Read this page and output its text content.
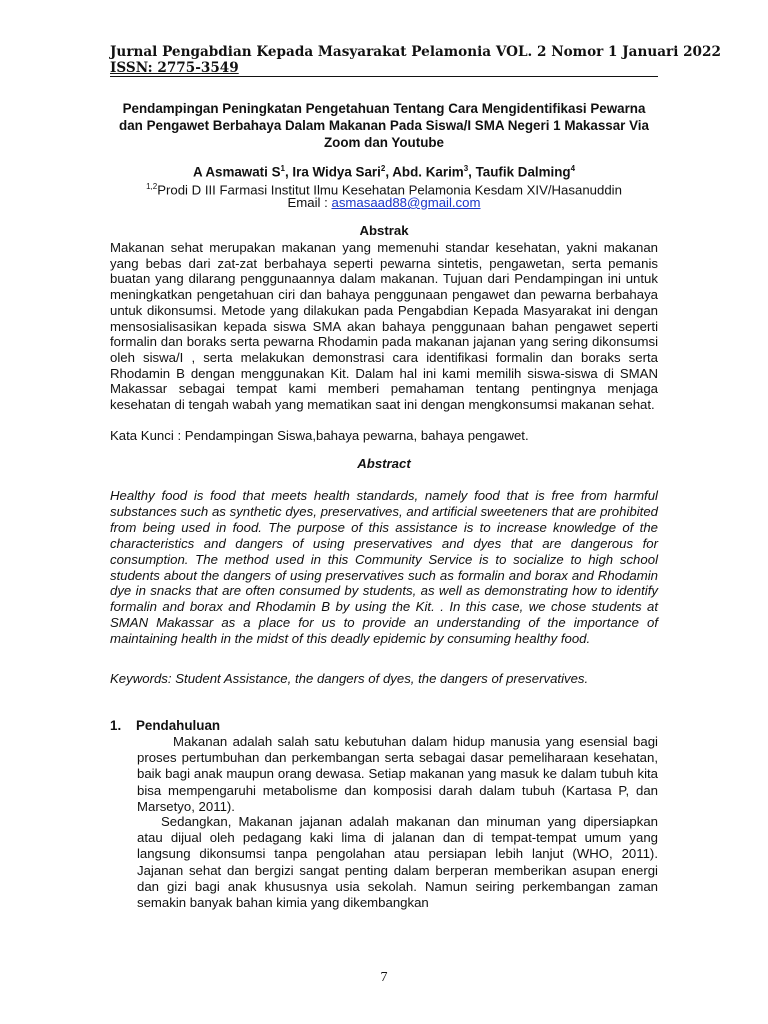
Jurnal Pengabdian Kepada Masyarakat Pelamonia VOL. 2 Nomor 1 Januari 2022
ISSN: 2775-3549
Pendampingan Peningkatan Pengetahuan Tentang Cara Mengidentifikasi Pewarna dan Pengawet Berbahaya Dalam Makanan Pada Siswa/I SMA Negeri 1 Makassar Via Zoom dan Youtube
A Asmawati $S^1$, Ira Widya Sari$^2$, Abd. Karim$^3$, Taufik Dalming$^4$
$^{1,2}$Prodi D III Farmasi Institut Ilmu Kesehatan Pelamonia Kesdam XIV/Hasanuddin
Email : asmasaad88@gmail.com
Abstrak
Makanan sehat merupakan makanan yang memenuhi standar kesehatan, yakni makanan yang bebas dari zat-zat berbahaya seperti pewarna sintetis, pengawetan, serta pemanis buatan yang dilarang penggunaannya dalam makanan. Tujuan dari Pendampingan ini untuk meningkatkan pengetahuan ciri dan bahaya penggunaan pengawet dan pewarna berbahaya untuk dikonsumsi. Metode yang dilakukan pada Pengabdian Kepada Masyarakat ini dengan mensosialisasikan kepada siswa SMA akan bahaya penggunaan bahan pengawet seperti formalin dan boraks serta pewarna Rhodamin pada makanan jajanan yang sering dikonsumsi oleh siswa/I , serta melakukan demonstrasi cara identifikasi formalin dan boraks serta Rhodamin B dengan menggunakan Kit. Dalam hal ini kami memilih siswa-siswa di SMAN Makassar sebagai tempat kami memberi pemahaman tentang pentingnya menjaga kesehatan di tengah wabah yang mematikan saat ini dengan mengkonsumsi makanan sehat.
Kata Kunci : Pendampingan Siswa,bahaya pewarna, bahaya pengawet.
Abstract
Healthy food is food that meets health standards, namely food that is free from harmful substances such as synthetic dyes, preservatives, and artificial sweeteners that are prohibited from being used in food. The purpose of this assistance is to increase knowledge of the characteristics and dangers of using preservatives and dyes that are dangerous for consumption. The method used in this Community Service is to socialize to high school students about the dangers of using preservatives such as formalin and borax and Rhodamin dye in snacks that are often consumed by students, as well as demonstrating how to identify formalin and borax and Rhodamin B by using the Kit. . In this case, we chose students at SMAN Makassar as a place for us to provide an understanding of the importance of maintaining health in the midst of this deadly epidemic by consuming healthy food.
Keywords: Student Assistance, the dangers of dyes, the dangers of preservatives.
1. Pendahuluan
Makanan adalah salah satu kebutuhan dalam hidup manusia yang esensial bagi proses pertumbuhan dan perkembangan serta sebagai dasar pemeliharaan kesehatan, baik bagi anak maupun orang dewasa. Setiap makanan yang masuk ke dalam tubuh kita bisa mempengaruhi metabolisme dan komposisi darah dalam tubuh (Kartasa P, dan Marsetyo, 2011).
Sedangkan, Makanan jajanan adalah makanan dan minuman yang dipersiapkan atau dijual oleh pedagang kaki lima di jalanan dan di tempat-tempat umum yang langsung dikonsumsi tanpa pengolahan atau persiapan lebih lanjut (WHO, 2011). Jajanan sehat dan bergizi sangat penting dalam berperan memberikan asupan energi dan gizi bagi anak khususnya usia sekolah. Namun seiring perkembangan zaman semakin banyak bahan kimia yang dikembangkan
7
